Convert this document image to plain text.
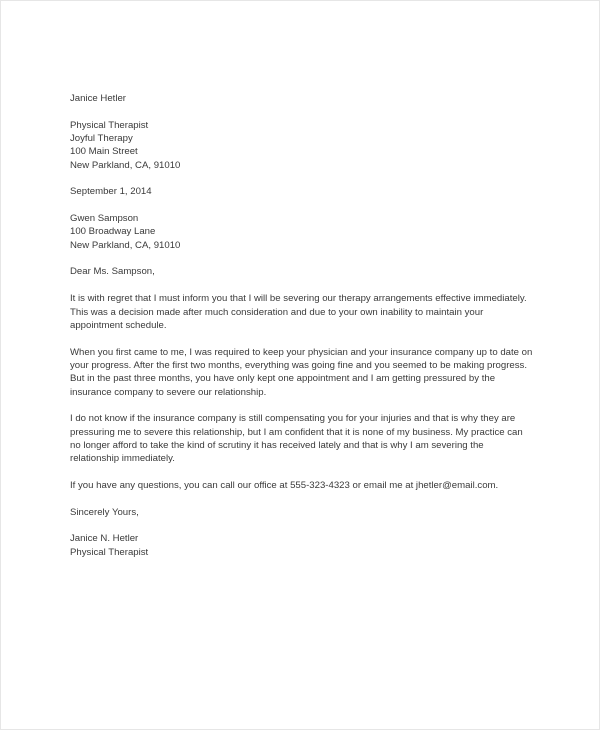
Janice Hetler
Physical Therapist
Joyful Therapy
100 Main Street
New Parkland, CA, 91010
September 1, 2014
Gwen Sampson
100 Broadway Lane
New Parkland, CA, 91010
Dear Ms. Sampson,
It is with regret that I must inform you that I will be severing our therapy arrangements effective immediately.
This was a decision made after much consideration and due to your own inability to maintain your
appointment schedule.
When you first came to me, I was required to keep your physician and your insurance company up to date on
your progress. After the first two months, everything was going fine and you seemed to be making progress.
But in the past three months, you have only kept one appointment and I am getting pressured by the
insurance company to severe our relationship.
I do not know if the insurance company is still compensating you for your injuries and that is why they are
pressuring me to severe this relationship, but I am confident that it is none of my business. My practice can
no longer afford to take the kind of scrutiny it has received lately and that is why I am severing the
relationship immediately.
If you have any questions, you can call our office at 555-323-4323 or email me at jhetler@email.com.
Sincerely Yours,
Janice N. Hetler
Physical Therapist
